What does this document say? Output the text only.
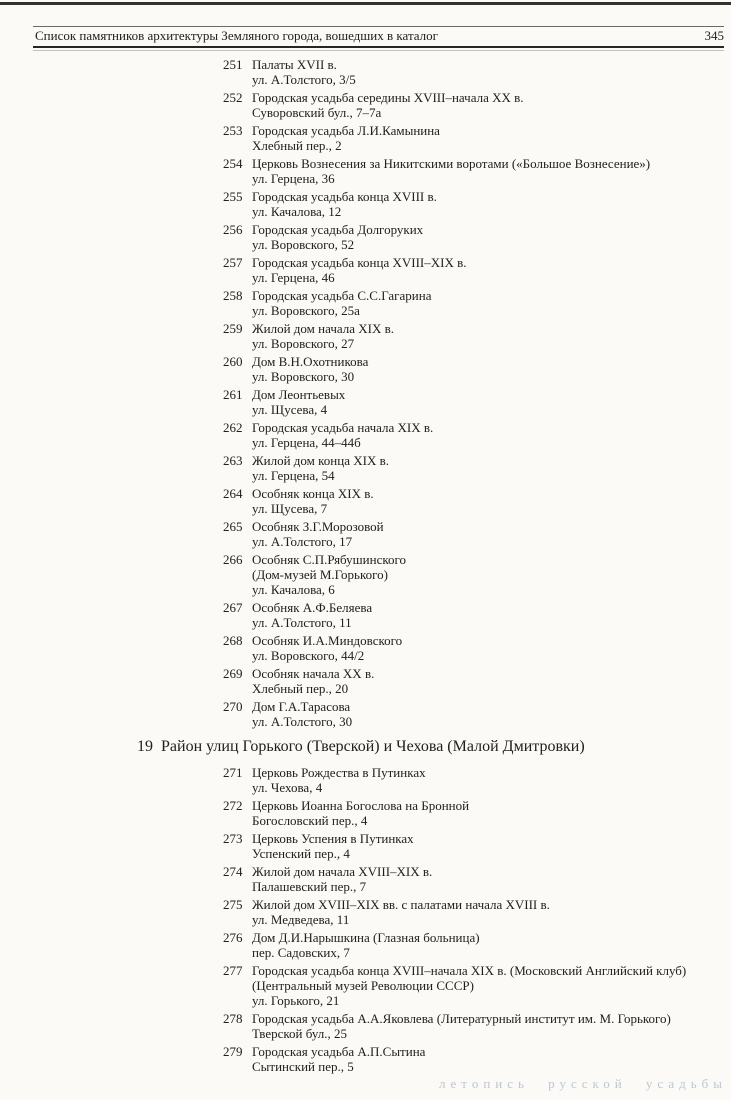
Список памятников архитектуры Земляного города, вошедших в каталог	345
251 Палаты XVII в.
ул. А.Толстого, 3/5
252 Городская усадьба середины XVIII–начала XX в.
Суворовский бул., 7–7а
253 Городская усадьба Л.И.Камынина
Хлебный пер., 2
254 Церковь Вознесения за Никитскими воротами («Большое Вознесение»)
ул. Герцена, 36
255 Городская усадьба конца XVIII в.
ул. Качалова, 12
256 Городская усадьба Долгоруких
ул. Воровского, 52
257 Городская усадьба конца XVIII–XIX в.
ул. Герцена, 46
258 Городская усадьба С.С.Гагарина
ул. Воровского, 25а
259 Жилой дом начала XIX в.
ул. Воровского, 27
260 Дом В.Н.Охотникова
ул. Воровского, 30
261 Дом Леонтьевых
ул. Щусева, 4
262 Городская усадьба начала XIX в.
ул. Герцена, 44–44б
263 Жилой дом конца XIX в.
ул. Герцена, 54
264 Особняк конца XIX в.
ул. Щусева, 7
265 Особняк З.Г.Морозовой
ул. А.Толстого, 17
266 Особняк С.П.Рябушинского
(Дом-музей М.Горького)
ул. Качалова, 6
267 Особняк А.Ф.Беляева
ул. А.Толстого, 11
268 Особняк И.А.Миндовского
ул. Воровского, 44/2
269 Особняк начала XX в.
Хлебный пер., 20
270 Дом Г.А.Тарасова
ул. А.Толстого, 30
19 Район улиц Горького (Тверской) и Чехова (Малой Дмитровки)
271 Церковь Рождества в Путинках
ул. Чехова, 4
272 Церковь Иоанна Богослова на Бронной
Богословский пер., 4
273 Церковь Успения в Путинках
Успенский пер., 4
274 Жилой дом начала XVIII–XIX в.
Палашевский пер., 7
275 Жилой дом XVIII–XIX вв. с палатами начала XVIII в.
ул. Медведева, 11
276 Дом Д.И.Нарышкина (Глазная больница)
пер. Садовских, 7
277 Городская усадьба конца XVIII–начала XIX в. (Московский Английский клуб)
(Центральный музей Революции СССР)
ул. Горького, 21
278 Городская усадьба А.А.Яковлева (Литературный институт им. М. Горького)
Тверской бул., 25
279 Городская усадьба А.П.Сытина
Сытинский пер., 5
летопись русской усадьбы
